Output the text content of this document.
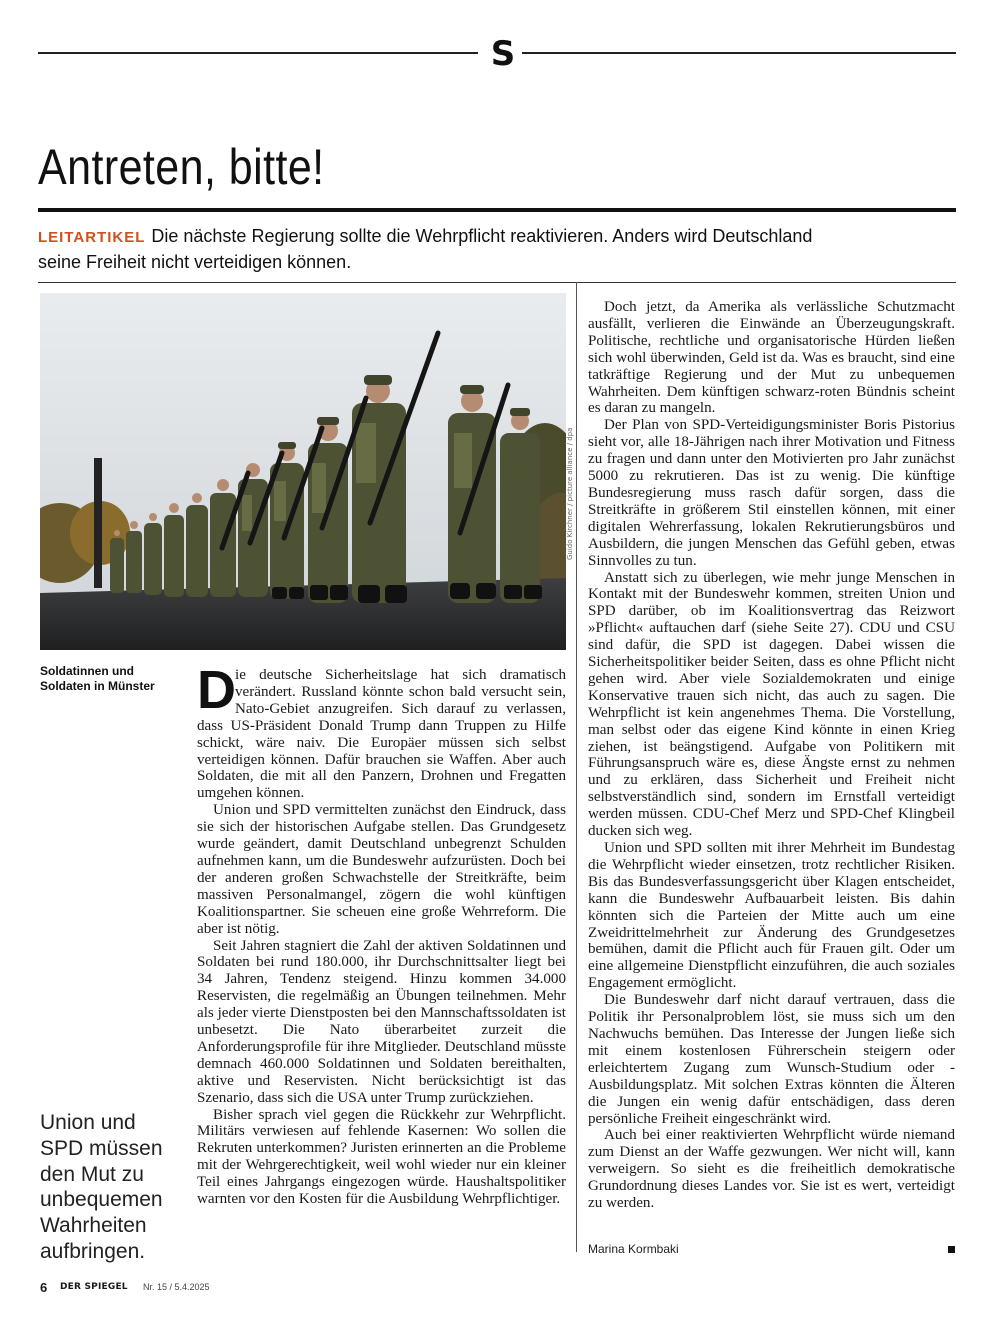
S
Antreten, bitte!
LEITARTIKEL Die nächste Regierung sollte die Wehrpflicht reaktivieren. Anders wird Deutschland seine Freiheit nicht verteidigen können.
Guido Kirchner / picture alliance / dpa
Soldatinnen und Soldaten in Münster Die deutsche Sicherheitslage hat sich dramatisch verändert. Russland könnte schon bald versucht sein, Nato-Gebiet anzugreifen. Sich darauf zu verlassen, dass US-Präsident Donald Trump dann Truppen zu Hilfe schickt, wäre naiv. Die Europäer müssen sich selbst verteidigen können. Dafür brauchen sie Waffen. Aber auch Soldaten, die mit all den Panzern, Drohnen und Fregatten umgehen können.

Union und SPD vermittelten zunächst den Eindruck, dass sie sich der historischen Aufgabe stellen. Das Grundgesetz wurde geändert, damit Deutschland unbegrenzt Schulden aufnehmen kann, um die Bundeswehr aufzurüsten. Doch bei der anderen großen Schwachstelle der Streitkräfte, beim massiven Personalmangel, zögern die wohl künftigen Koalitionspartner. Sie scheuen eine große Wehrreform. Die aber ist nötig.

Seit Jahren stagniert die Zahl der aktiven Soldatinnen und Soldaten bei rund 180.000, ihr Durchschnittsalter liegt bei 34 Jahren, Tendenz steigend. Hinzu kommen 34.000 Reservisten, die regelmäßig an Übungen teilnehmen. Mehr als jeder vierte Dienstposten bei den Mannschaftssoldaten ist unbesetzt. Die Nato überarbeitet zurzeit die Anforderungsprofile für ihre Mitglieder. Deutschland müsste demnach 460.000 Soldatinnen und Soldaten bereithalten, aktive und Reservisten. Nicht berücksichtigt ist das Szenario, dass sich die USA unter Trump zurückziehen.

Bisher sprach viel gegen die Rückkehr zur Wehrpflicht. Militärs verwiesen auf fehlende Kasernen: Wo sollen die Rekruten unterkommen? Juristen erinnerten an die Probleme mit der Wehrgerechtigkeit, weil wohl wieder nur ein kleiner Teil eines Jahrgangs eingezogen würde. Haushaltspolitiker warnten vor den Kosten für die Ausbildung Wehrpflichtiger.

Union und SPD müssen den Mut zu unbequemen Wahrheiten aufbringen.

Doch jetzt, da Amerika als verlässliche Schutzmacht ausfällt, verlieren die Einwände an Überzeugungskraft. Politische, rechtliche und organisatorische Hürden ließen sich wohl überwinden, Geld ist da. Was es braucht, sind eine tatkräftige Regierung und der Mut zu unbequemen Wahrheiten. Dem künftigen schwarz-roten Bündnis scheint es daran zu mangeln.

Der Plan von SPD-Verteidigungsminister Boris Pistorius sieht vor, alle 18-Jährigen nach ihrer Motivation und Fitness zu fragen und dann unter den Motivierten pro Jahr zunächst 5000 zu rekrutieren. Das ist zu wenig. Die künftige Bundesregierung muss rasch dafür sorgen, dass die Streitkräfte in größerem Stil einstellen können, mit einer digitalen Wehrerfassung, lokalen Rekrutierungsbüros und Ausbildern, die jungen Menschen das Gefühl geben, etwas Sinnvolles zu tun.

Anstatt sich zu überlegen, wie mehr junge Menschen in Kontakt mit der Bundeswehr kommen, streiten Union und SPD darüber, ob im Koalitionsvertrag das Reizwort »Pflicht« auftauchen darf (siehe Seite 27). CDU und CSU sind dafür, die SPD ist dagegen. Dabei wissen die Sicherheitspolitiker beider Seiten, dass es ohne Pflicht nicht gehen wird. Aber viele Sozialdemokraten und einige Konservative trauen sich nicht, das auch zu sagen. Die Wehrpflicht ist kein angenehmes Thema. Die Vorstellung, man selbst oder das eigene Kind könnte in einen Krieg ziehen, ist beängstigend. Aufgabe von Politikern mit Führungsanspruch wäre es, diese Ängste ernst zu nehmen und zu erklären, dass Sicherheit und Freiheit nicht selbstverständlich sind, sondern im Ernstfall verteidigt werden müssen. CDU-Chef Merz und SPD-Chef Klingbeil ducken sich weg.

Union und SPD sollten mit ihrer Mehrheit im Bundestag die Wehrpflicht wieder einsetzen, trotz rechtlicher Risiken. Bis das Bundesverfassungsgericht über Klagen entscheidet, kann die Bundeswehr Aufbauarbeit leisten. Bis dahin könnten sich die Parteien der Mitte auch um eine Zweidrittelmehrheit zur Änderung des Grundgesetzes bemühen, damit die Pflicht auch für Frauen gilt. Oder um eine allgemeine Dienstpflicht einzuführen, die auch soziales Engagement ermöglicht.

Die Bundeswehr darf nicht darauf vertrauen, dass die Politik ihr Personalproblem löst, sie muss sich um den Nachwuchs bemühen. Das Interesse der Jungen ließe sich mit einem kostenlosen Führerschein steigern oder erleichtertem Zugang zum Wunsch-Studium oder -Ausbildungsplatz. Mit solchen Extras könnten die Älteren die Jungen ein wenig dafür entschädigen, dass deren persönliche Freiheit eingeschränkt wird.

Auch bei einer reaktivierten Wehrpflicht würde niemand zum Dienst an der Waffe gezwungen. Wer nicht will, kann verweigern. So sieht es die freiheitlich demokratische Grundordnung dieses Landes vor. Sie ist es wert, verteidigt zu werden.

Marina Kormbaki
6 DER SPIEGEL Nr. 15 / 5.4.2025
